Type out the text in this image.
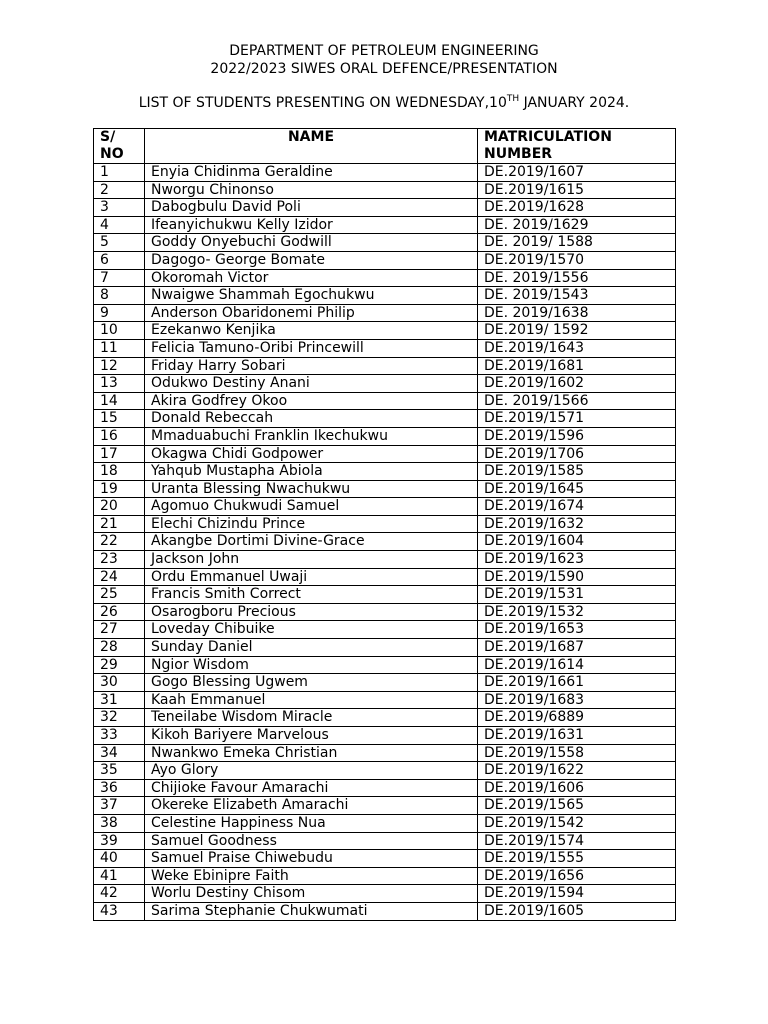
DEPARTMENT OF PETROLEUM ENGINEERING
2022/2023 SIWES ORAL DEFENCE/PRESENTATION
LIST OF STUDENTS PRESENTING ON WEDNESDAY,10TH JANUARY 2024.
S/
NO	NAME	MATRICULATION
NUMBER
1	Enyia Chidinma Geraldine	DE.2019/1607
2	Nworgu Chinonso	DE.2019/1615
3	Dabogbulu David Poli	DE.2019/1628
4	Ifeanyichukwu Kelly Izidor	DE. 2019/1629
5	Goddy Onyebuchi Godwill	DE. 2019/ 1588
6	Dagogo- George Bomate	DE.2019/1570
7	Okoromah Victor	DE. 2019/1556
8	Nwaigwe Shammah Egochukwu	DE. 2019/1543
9	Anderson Obaridonemi Philip	DE. 2019/1638
10	Ezekanwo Kenjika	DE.2019/ 1592
11	Felicia Tamuno-Oribi Princewill	DE.2019/1643
12	Friday Harry Sobari	DE.2019/1681
13	Odukwo Destiny Anani	DE.2019/1602
14	Akira Godfrey Okoo	DE. 2019/1566
15	Donald Rebeccah	DE.2019/1571
16	Mmaduabuchi Franklin Ikechukwu	DE.2019/1596
17	Okagwa Chidi Godpower	DE.2019/1706
18	Yahqub Mustapha Abiola	DE.2019/1585
19	Uranta Blessing Nwachukwu	DE.2019/1645
20	Agomuo Chukwudi Samuel	DE.2019/1674
21	Elechi Chizindu Prince	DE.2019/1632
22	Akangbe Dortimi Divine-Grace	DE.2019/1604
23	Jackson John	DE.2019/1623
24	Ordu Emmanuel Uwaji	DE.2019/1590
25	Francis Smith Correct	DE.2019/1531
26	Osarogboru Precious	DE.2019/1532
27	Loveday Chibuike	DE.2019/1653
28	Sunday Daniel	DE.2019/1687
29	Ngior Wisdom	DE.2019/1614
30	Gogo Blessing Ugwem	DE.2019/1661
31	Kaah Emmanuel	DE.2019/1683
32	Teneilabe Wisdom Miracle	DE.2019/6889
33	Kikoh Bariyere Marvelous	DE.2019/1631
34	Nwankwo Emeka Christian	DE.2019/1558
35	Ayo Glory	DE.2019/1622
36	Chijioke Favour Amarachi	DE.2019/1606
37	Okereke Elizabeth Amarachi	DE.2019/1565
38	Celestine Happiness Nua	DE.2019/1542
39	Samuel Goodness	DE.2019/1574
40	Samuel Praise Chiwebudu	DE.2019/1555
41	Weke Ebinipre Faith	DE.2019/1656
42	Worlu Destiny Chisom	DE.2019/1594
43	Sarima Stephanie Chukwumati	DE.2019/1605
